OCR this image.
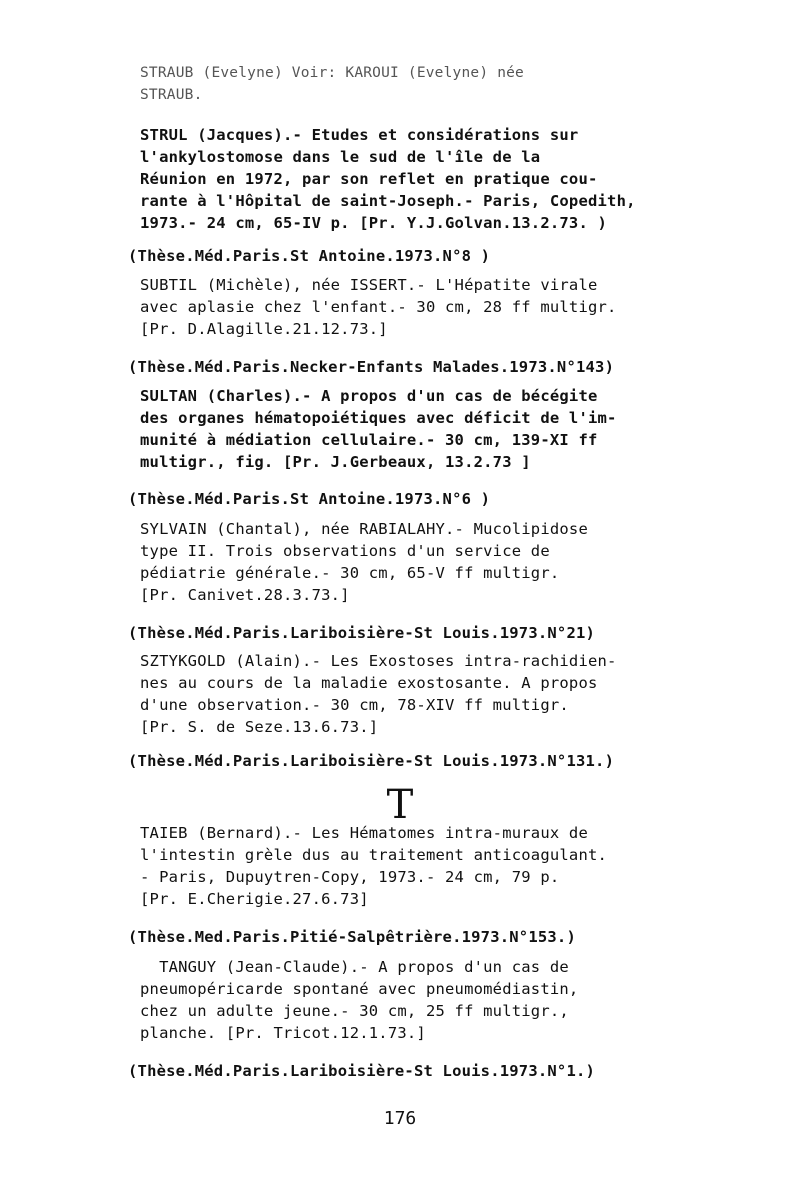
STRAUB (Evelyne) Voir: KAROUI (Evelyne) née
STRAUB.
STRUL (Jacques).- Etudes et considérations sur
l'ankylostomose dans le sud de l'île de la
Réunion en 1972, par son reflet en pratique cou-
rante à l'Hôpital de saint-Joseph.- Paris, Copedith,
1973.- 24 cm, 65-IV p. [Pr. Y.J.Golvan.13.2.73. )
(Thèse.Méd.Paris.St Antoine.1973.N°8 )
SUBTIL (Michèle), née ISSERT.- L'Hépatite virale
avec aplasie chez l'enfant.- 30 cm, 28 ff multigr.
[Pr. D.Alagille.21.12.73.]
(Thèse.Méd.Paris.Necker-Enfants Malades.1973.N°143)
SULTAN (Charles).- A propos d'un cas de bécégite
des organes hématopoiétiques avec déficit de l'im-
munité à médiation cellulaire.- 30 cm, 139-XI ff
multigr., fig. [Pr. J.Gerbeaux, 13.2.73 ]
(Thèse.Méd.Paris.St Antoine.1973.N°6 )
SYLVAIN (Chantal), née RABIALAHY.- Mucolipidose
type II. Trois observations d'un service de
pédiatrie générale.- 30 cm, 65-V ff multigr.
[Pr. Canivet.28.3.73.]
(Thèse.Méd.Paris.Lariboisière-St Louis.1973.N°21)
SZTYKGOLD (Alain).- Les Exostoses intra-rachidien-
nes au cours de la maladie exostosante. A propos
d'une observation.- 30 cm, 78-XIV ff multigr.
[Pr. S. de Seze.13.6.73.]
(Thèse.Méd.Paris.Lariboisière-St Louis.1973.N°131.)
T
TAIEB (Bernard).- Les Hématomes intra-muraux de
l'intestin grèle dus au traitement anticoagulant.
- Paris, Dupuytren-Copy, 1973.- 24 cm, 79 p.
[Pr. E.Cherigie.27.6.73]
(Thèse.Med.Paris.Pitié-Salpêtrière.1973.N°153.)
TANGUY (Jean-Claude).- A propos d'un cas de
pneumopéricarde spontané avec pneumomédiastin,
chez un adulte jeune.- 30 cm, 25 ff multigr.,
planche. [Pr. Tricot.12.1.73.]
(Thèse.Méd.Paris.Lariboisière-St Louis.1973.N°1.)
176
